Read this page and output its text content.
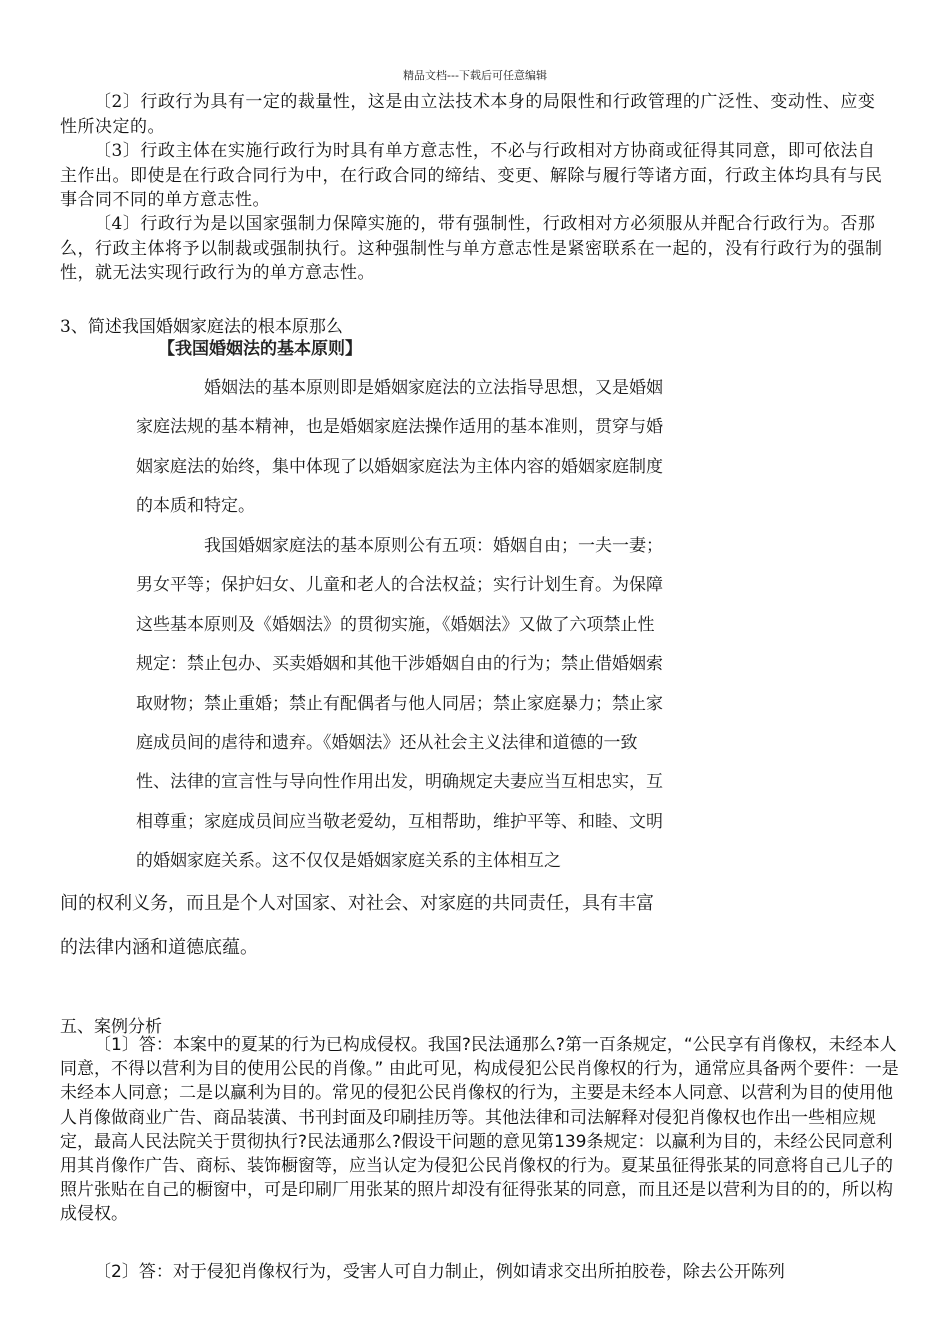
精品文档---下载后可任意编辑

〔2〕行政行为具有一定的裁量性，这是由立法技术本身的局限性和行政管理的广泛性、变动性、应变性所决定的。

〔3〕行政主体在实施行政行为时具有单方意志性，不必与行政相对方协商或征得其同意，即可依法自主作出。即使是在行政合同行为中，在行政合同的缔结、变更、解除与履行等诸方面，行政主体均具有与民事合同不同的单方意志性。

〔4〕行政行为是以国家强制力保障实施的，带有强制性，行政相对方必须服从并配合行政行为。否那么，行政主体将予以制裁或强制执行。这种强制性与单方意志性是紧密联系在一起的，没有行政行为的强制性，就无法实现行政行为的单方意志性。

3、简述我国婚姻家庭法的根本原那么

【我国婚姻法的基本原则】

婚姻法的基本原则即是婚姻家庭法的立法指导思想，又是婚姻家庭法规的基本精神，也是婚姻家庭法操作适用的基本准则，贯穿与婚姻家庭法的始终，集中体现了以婚姻家庭法为主体内容的婚姻家庭制度的本质和特定。

我国婚姻家庭法的基本原则公有五项：婚姻自由；一夫一妻；男女平等；保护妇女、儿童和老人的合法权益；实行计划生育。为保障这些基本原则及《婚姻法》的贯彻实施，《婚姻法》又做了六项禁止性规定：禁止包办、买卖婚姻和其他干涉婚姻自由的行为；禁止借婚姻索取财物；禁止重婚；禁止有配偶者与他人同居；禁止家庭暴力；禁止家庭成员间的虐待和遗弃。《婚姻法》还从社会主义法律和道德的一致性、法律的宣言性与导向性作用出发，明确规定夫妻应当互相忠实，互相尊重；家庭成员间应当敬老爱幼，互相帮助，维护平等、和睦、文明的婚姻家庭关系。这不仅仅是婚姻家庭关系的主体相互之

间的权利义务，而且是个人对国家、对社会、对家庭的共同责任，具有丰富的法律内涵和道德底蕴。

五、案例分析

〔1〕答：本案中的夏某的行为已构成侵权。我国?民法通那么?第一百条规定，“公民享有肖像权，未经本人同意，不得以营利为目的使用公民的肖像。” 由此可见，构成侵犯公民肖像权的行为，通常应具备两个要件：一是未经本人同意；二是以赢利为目的。常见的侵犯公民肖像权的行为，主要是未经本人同意、以营利为目的使用他人肖像做商业广告、商品装潢、书刊封面及印刷挂历等。其他法律和司法解释对侵犯肖像权也作出一些相应规定，最高人民法院关于贯彻执行?民法通那么?假设干问题的意见第139条规定：以赢利为目的，未经公民同意利用其肖像作广告、商标、装饰橱窗等，应当认定为侵犯公民肖像权的行为。夏某虽征得张某的同意将自己儿子的照片张贴在自己的橱窗中，可是印刷厂用张某的照片却没有征得张某的同意，而且还是以营利为目的的，所以构成侵权。

〔2〕答：对于侵犯肖像权行为，受害人可自力制止，例如请求交出所拍胶卷，除去公开陈列
